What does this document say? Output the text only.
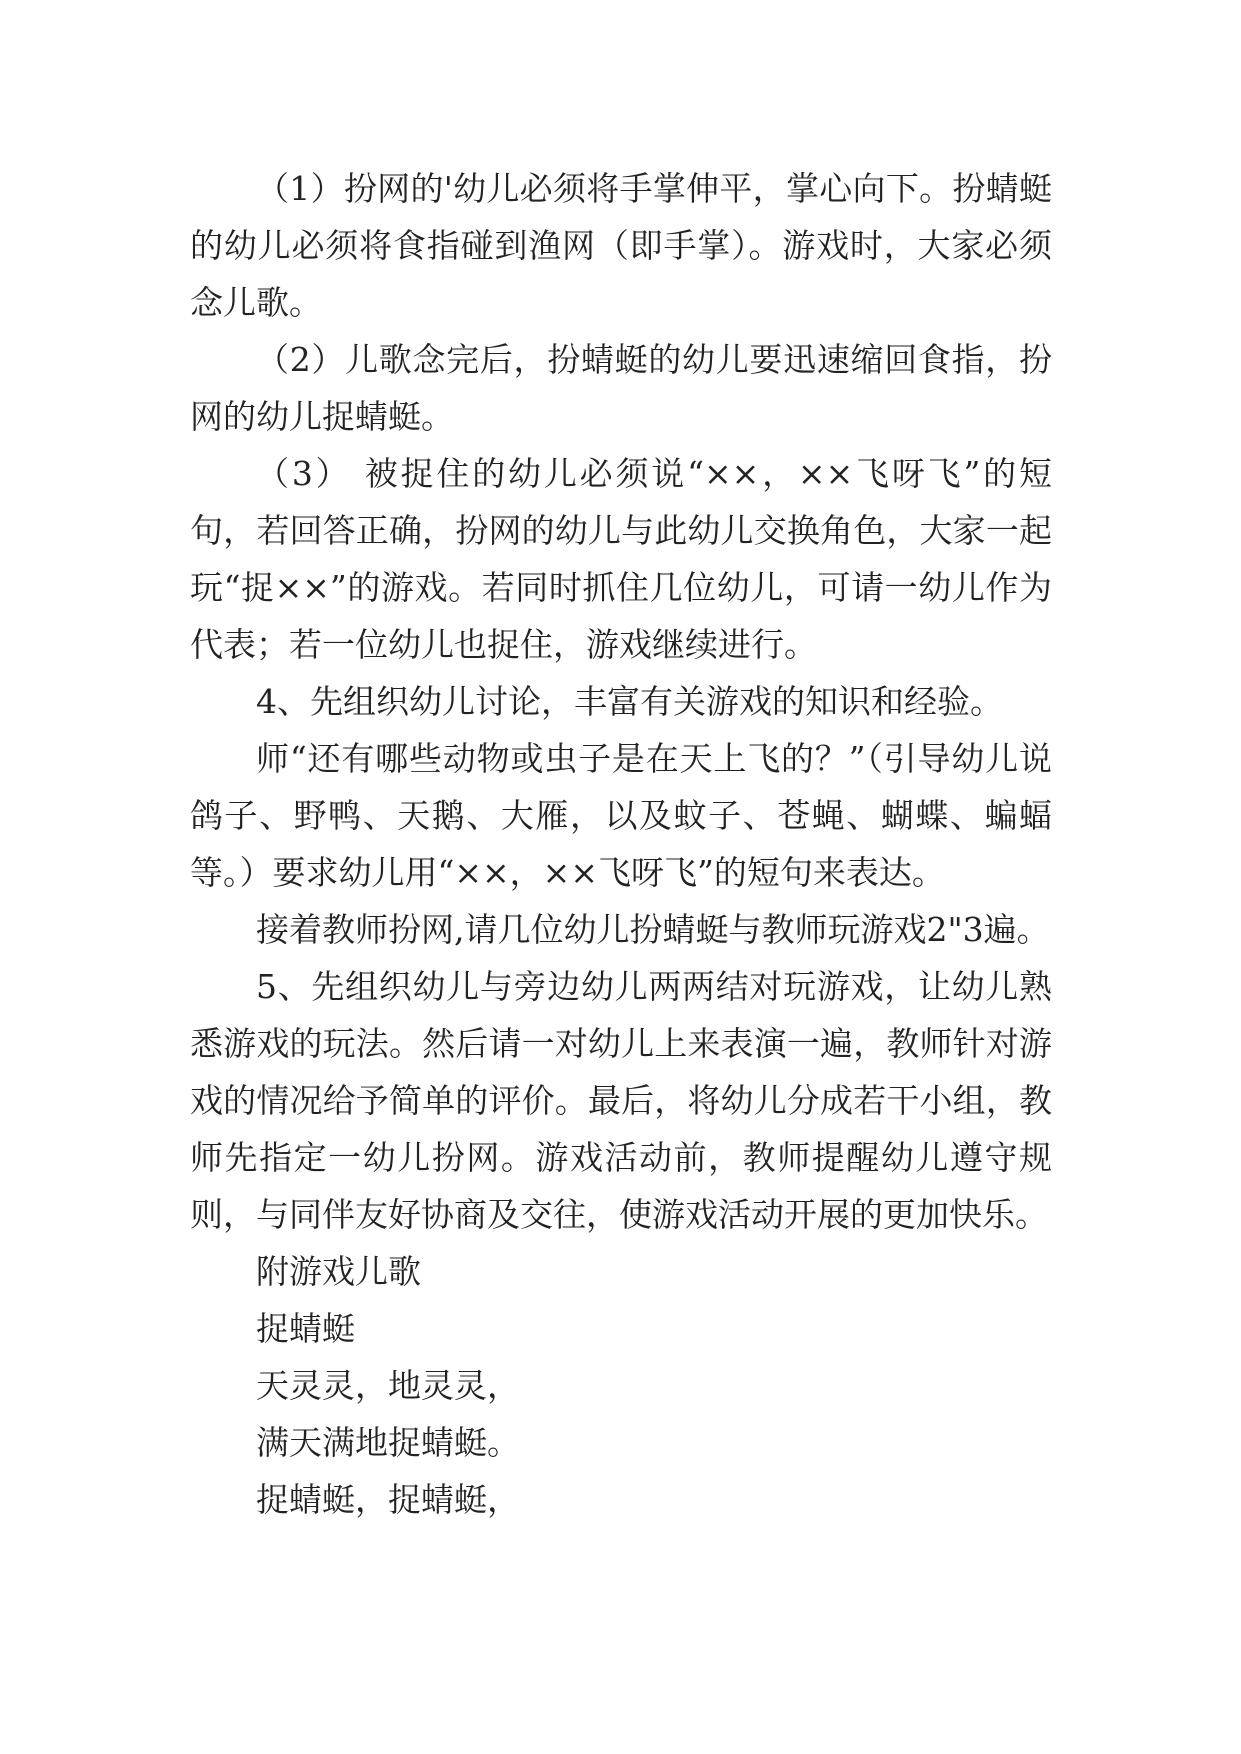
（1）扮网的'幼儿必须将手掌伸平，掌心向下。扮蜻蜓的幼儿必须将食指碰到渔网（即手掌）。游戏时，大家必须念儿歌。

（2）儿歌念完后，扮蜻蜓的幼儿要迅速缩回食指，扮网的幼儿捉蜻蜓。

（3） 被捉住的幼儿必须说“××，××飞呀飞”的短句，若回答正确，扮网的幼儿与此幼儿交换角色，大家一起玩“捉××”的游戏。若同时抓住几位幼儿，可请一幼儿作为代表；若一位幼儿也捉住，游戏继续进行。

4、先组织幼儿讨论，丰富有关游戏的知识和经验。

师“还有哪些动物或虫子是在天上飞的？”（引导幼儿说鸽子、野鸭、天鹅、大雁，以及蚊子、苍蝇、蝴蝶、蝙蝠等。）要求幼儿用“××，××飞呀飞”的短句来表达。

接着教师扮网,请几位幼儿扮蜻蜓与教师玩游戏2"3遍。

5、先组织幼儿与旁边幼儿两两结对玩游戏，让幼儿熟悉游戏的玩法。然后请一对幼儿上来表演一遍，教师针对游戏的情况给予简单的评价。最后，将幼儿分成若干小组，教师先指定一幼儿扮网。游戏活动前，教师提醒幼儿遵守规则，与同伴友好协商及交往，使游戏活动开展的更加快乐。

附游戏儿歌

捉蜻蜓

天灵灵，地灵灵，

满天满地捉蜻蜓。

捉蜻蜓，捉蜻蜓，
